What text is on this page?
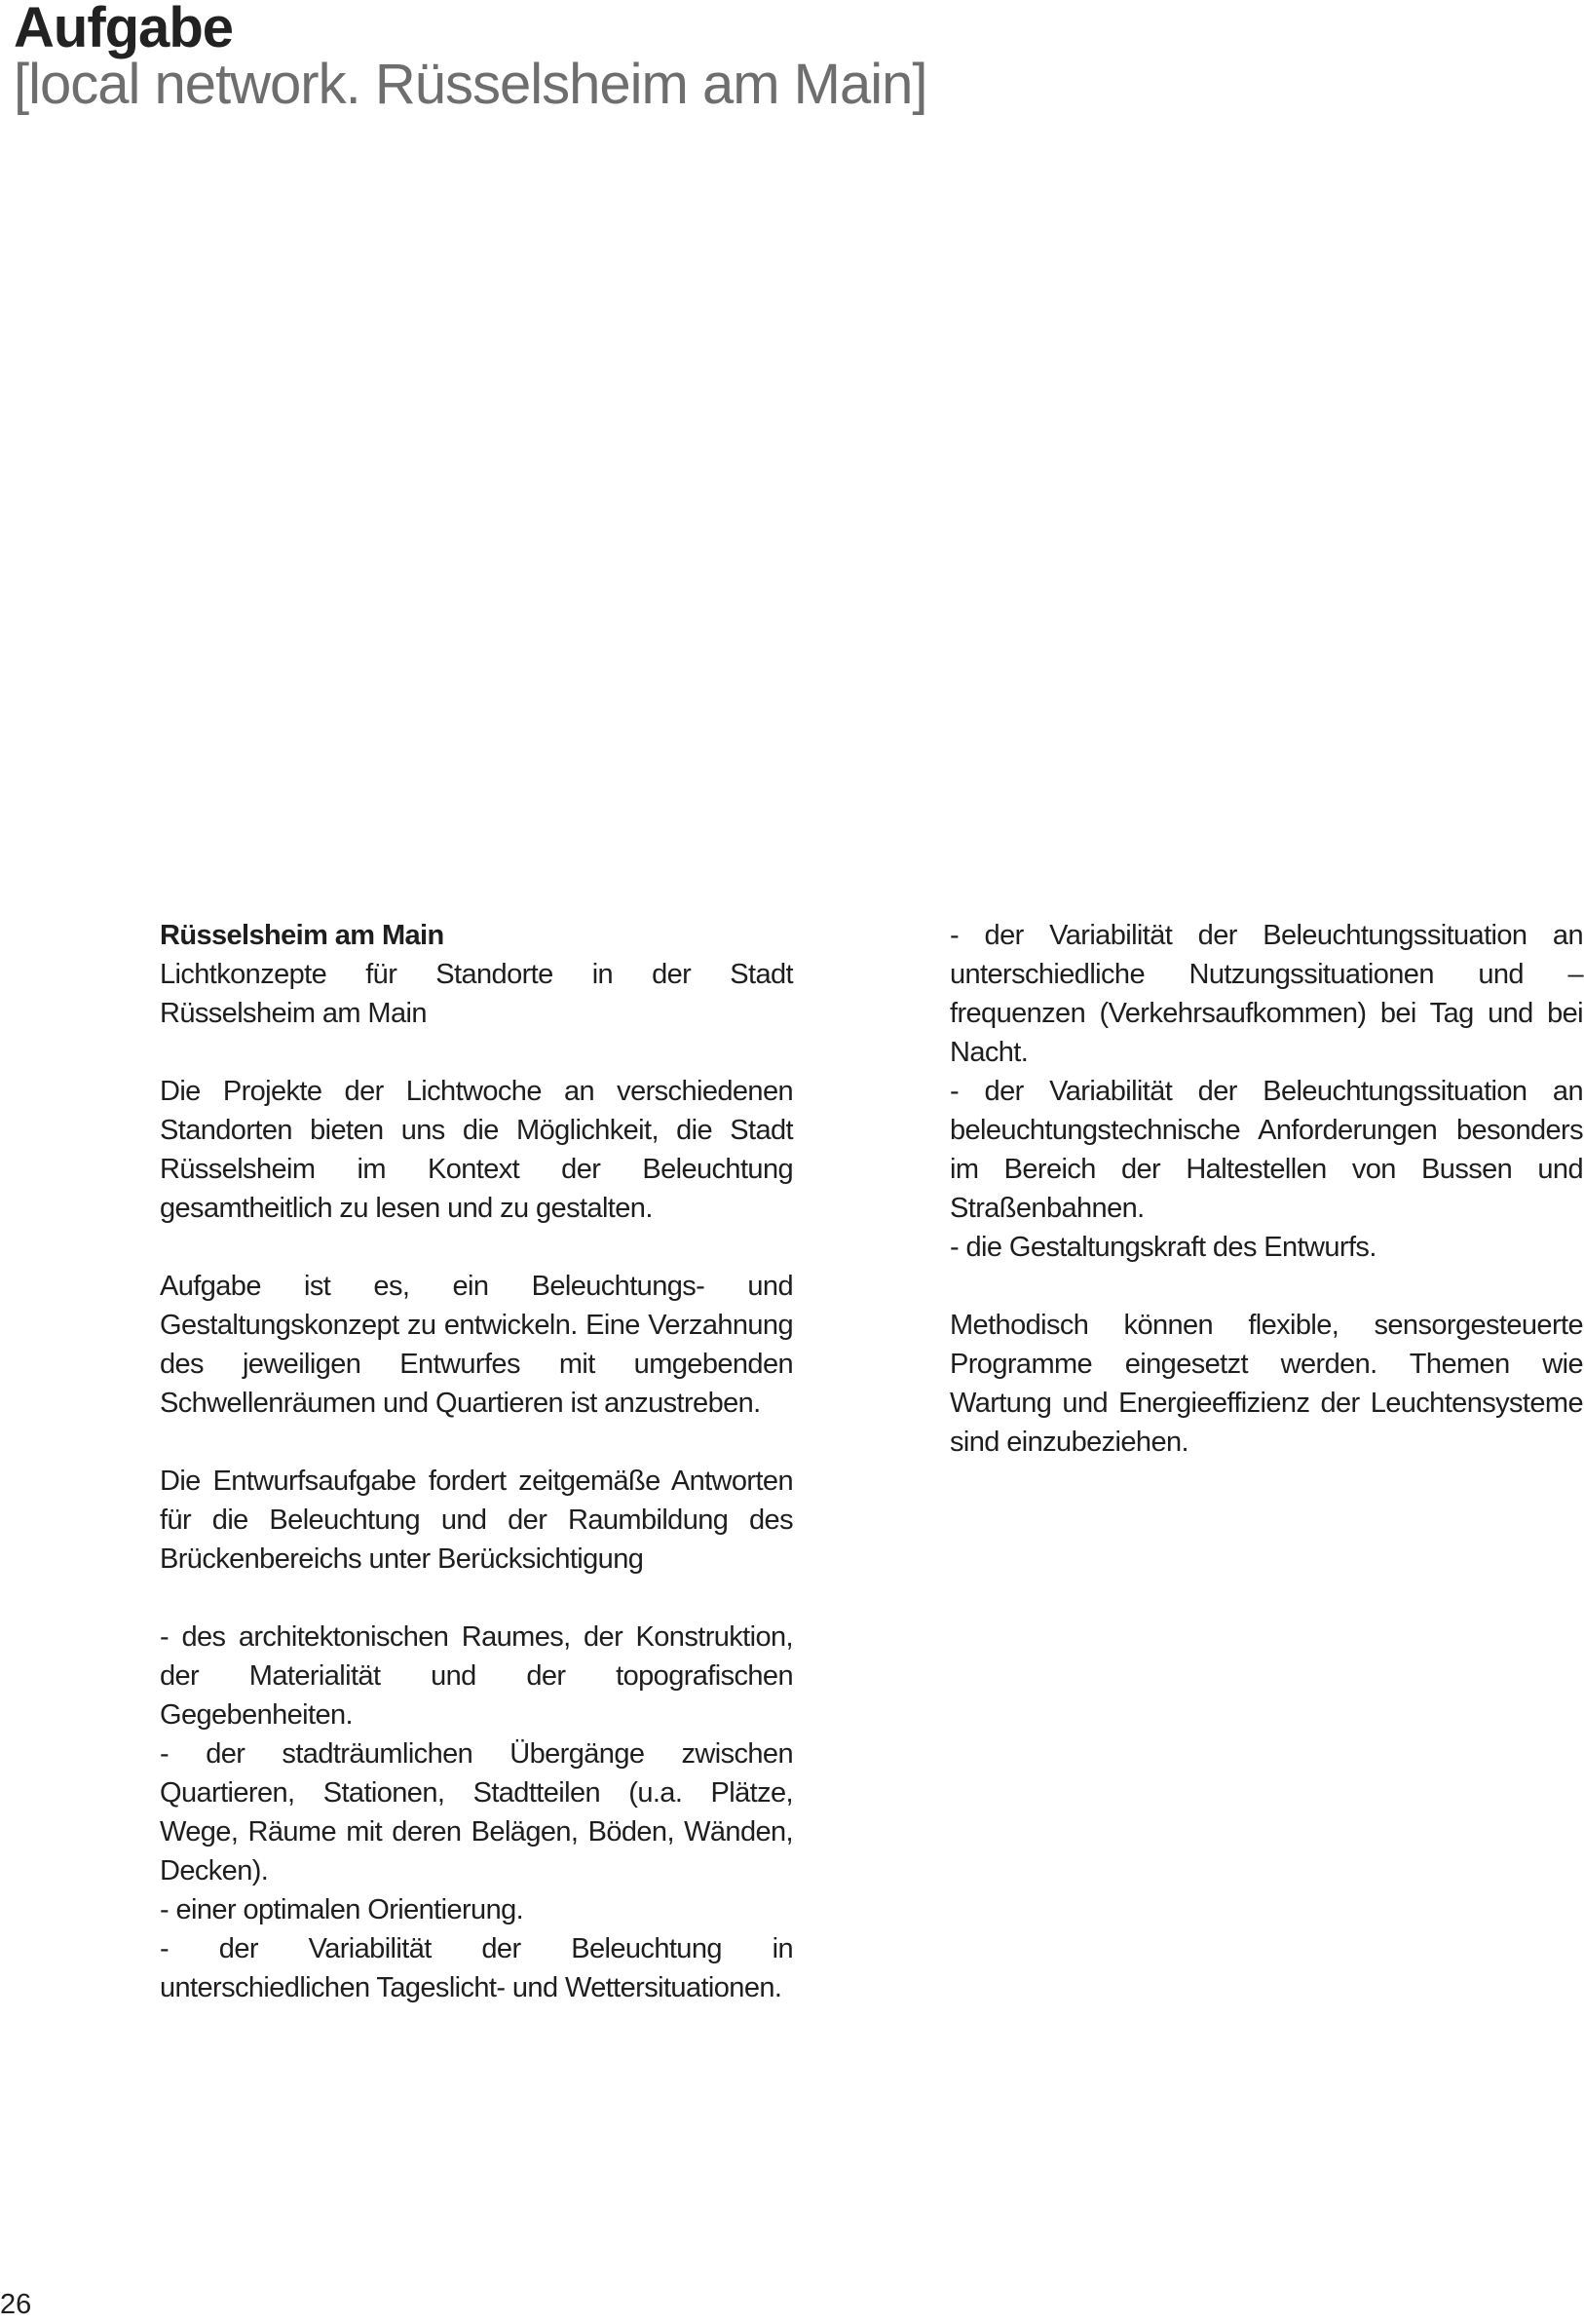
Aufgabe
[local network. Rüsselsheim am Main]

Rüsselsheim am Main

Lichtkonzepte für Standorte in der Stadt Rüsselsheim am Main

Die Projekte der Lichtwoche an verschiedenen Standorten bieten uns die Möglichkeit, die Stadt Rüsselsheim im Kontext der Beleuchtung gesamtheitlich zu lesen und zu gestalten.

Aufgabe ist es, ein Beleuchtungs- und Gestaltungskonzept zu entwickeln. Eine Verzahnung des jeweiligen Entwurfes mit umgebenden Schwellenräumen und Quartieren ist anzustreben.

Die Entwurfsaufgabe fordert zeitgemäße Antworten für die Beleuchtung und der Raumbildung des Brückenbereichs unter Berücksichtigung

- des architektonischen Raumes, der Konstruktion, der Materialität und der topografischen Gegebenheiten.
- der stadträumlichen Übergänge zwischen Quartieren, Stationen, Stadtteilen (u.a. Plätze, Wege, Räume mit deren Belägen, Böden, Wänden, Decken).
- einer optimalen Orientierung.
- der Variabilität der Beleuchtung in unterschiedlichen Tageslicht- und Wettersituationen.
- der Variabilität der Beleuchtungssituation an unterschiedliche Nutzungssituationen und –frequenzen (Verkehrsaufkommen) bei Tag und bei Nacht.
- der Variabilität der Beleuchtungssituation an beleuchtungstechnische Anforderungen besonders im Bereich der Haltestellen von Bussen und Straßenbahnen.
- die Gestaltungskraft des Entwurfs.

Methodisch können flexible, sensorgesteuerte Programme eingesetzt werden. Themen wie Wartung und Energieeffizienz der Leuchtensysteme sind einzubeziehen.

26
